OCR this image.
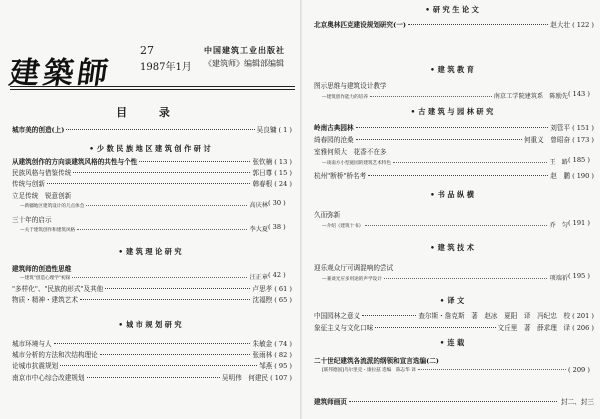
建築師
27
1987年1月
中国建筑工业出版社
《建筑师》编辑部编辑
目 录
城市美的创造(上)	吴良镛 ( 1 )
• 少 数 民 族 地 区 建 筑 创 作 研 讨
从建筑创作的方向谈建筑风格的共性与个性	张钦楠 ( 13 )
民族风格与借鉴传统	郭日尊 ( 15 )
传统与创新	韩春根 ( 24 )
立足传统　锐意创新
—新疆地区建筑设计的几点体会	高庆林 ( 30 )
三十年的启示
—关于建筑创作和建筑风格	李大夏 ( 38 )
• 建 筑 理 论 研 究
建筑师的创造性思维
—建筑"创造心理学"初探	汪正章 ( 42 )
"多样化"、"民族的形式"及其他	卢思孝 ( 61 )
物质・精神・建筑艺术	沈福煦 ( 65 )
• 城 市 规 划 研 究
城市环境与人	朱敏金 ( 74 )
城市分析的方法和次结构理论	张雨林 ( 82 )
论城市抗震规划	邹燕 ( 95 )
南京市中心综合改建规划	吴明伟　何建民 ( 107 )
• 研 究 生 论 文
北京奥林匹克建设规划研究(一)	赵大壮 ( 122 )
• 建 筑 教 育
图示思维与建筑设计教学
—建筑创作能力的培养	南京工学院建筑系　陈励先 ( 143 )
• 古 建 筑 与 园 林 研 究
岭南古典园林	刘管平 ( 151 )
绮春园的沧桑	何重义　曾昭奋 ( 173 )
室雅何须大　花香不在多
—谈南方小型庭园的建筑艺术特色	王　路 ( 185 )
杭州"断桥"桥名考	赵　鹏 ( 190 )
• 书 品 纵 横
久而弥新
—介绍《建筑十书》	乔　匀 ( 191 )
• 建 筑 技 术
迎乐观众厅可调混响的尝试
—兼谈光应多用途的声学设计	项端祈 ( 195 )
• 译 文
中国园林之意义	查尔斯・詹克斯　著　赵冰　夏阳　译　冯纪忠　校 ( 201 )
象征主义与文化口味	文丘里　著　薛求理　译 ( 206 )
• 连 载
二十世纪建筑各流派的纲领和宣言选编(二)
[联邦德国]乌尔里克・康拉兹 选编　陈志华 译	( 209 )
建筑师画页	封二、封三
